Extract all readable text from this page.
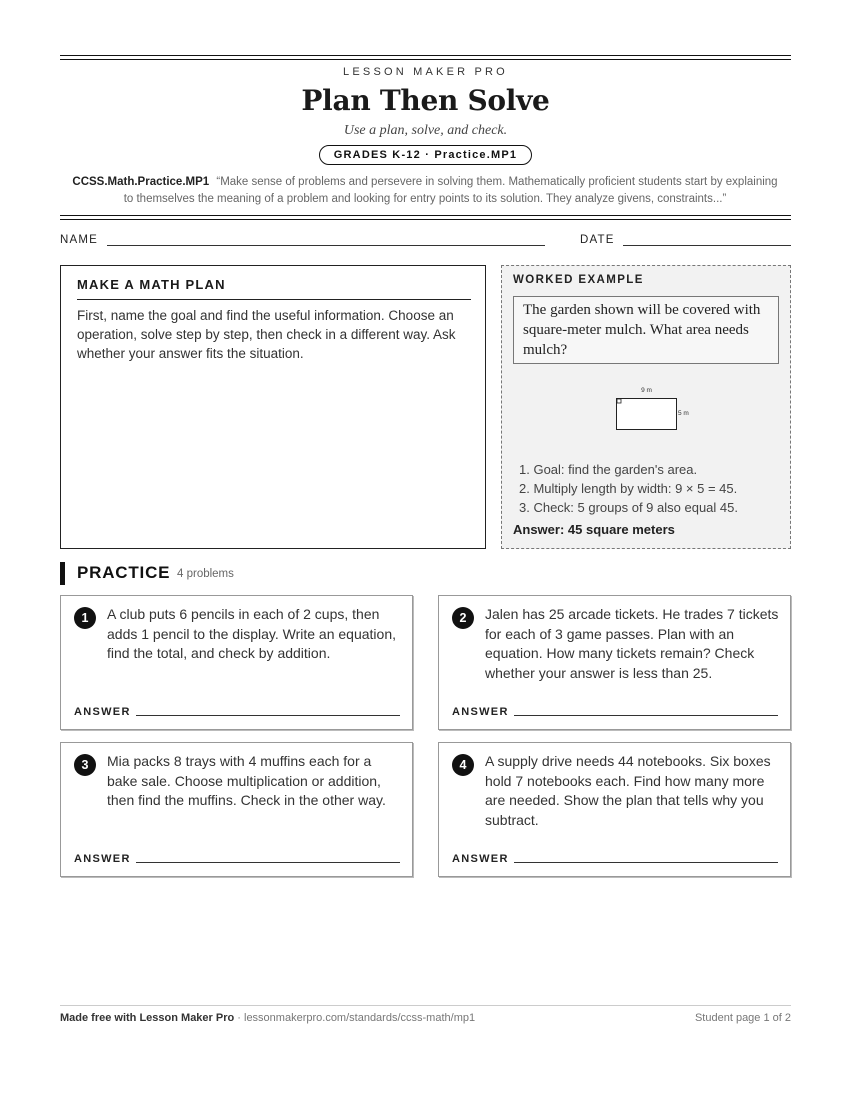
LESSON MAKER PRO
Plan Then Solve
Use a plan, solve, and check.
GRADES K-12 · Practice.MP1
CCSS.Math.Practice.MP1 “Make sense of problems and persevere in solving them. Mathematically proficient students start by explaining to themselves the meaning of a problem and looking for entry points to its solution. They analyze givens, constraints...”
NAME	DATE
MAKE A MATH PLAN
First, name the goal and find the useful information. Choose an operation, solve step by step, then check in a different way. Ask whether your answer fits the situation.
WORKED EXAMPLE
The garden shown will be covered with square-meter mulch. What area needs mulch?
9 m
5 m
1. Goal: find the garden's area.
2. Multiply length by width: 9 × 5 = 45.
3. Check: 5 groups of 9 also equal 45.
Answer: 45 square meters
PRACTICE 4 problems
1	A club puts 6 pencils in each of 2 cups, then adds 1 pencil to the display. Write an equation, find the total, and check by addition.
ANSWER
2	Jalen has 25 arcade tickets. He trades 7 tickets for each of 3 game passes. Plan with an equation. How many tickets remain? Check whether your answer is less than 25.
ANSWER
3	Mia packs 8 trays with 4 muffins each for a bake sale. Choose multiplication or addition, then find the muffins. Check in the other way.
ANSWER
4	A supply drive needs 44 notebooks. Six boxes hold 7 notebooks each. Find how many more are needed. Show the plan that tells why you subtract.
ANSWER
Made free with Lesson Maker Pro · lessonmakerpro.com/standards/ccss-math/mp1	Student page 1 of 2
